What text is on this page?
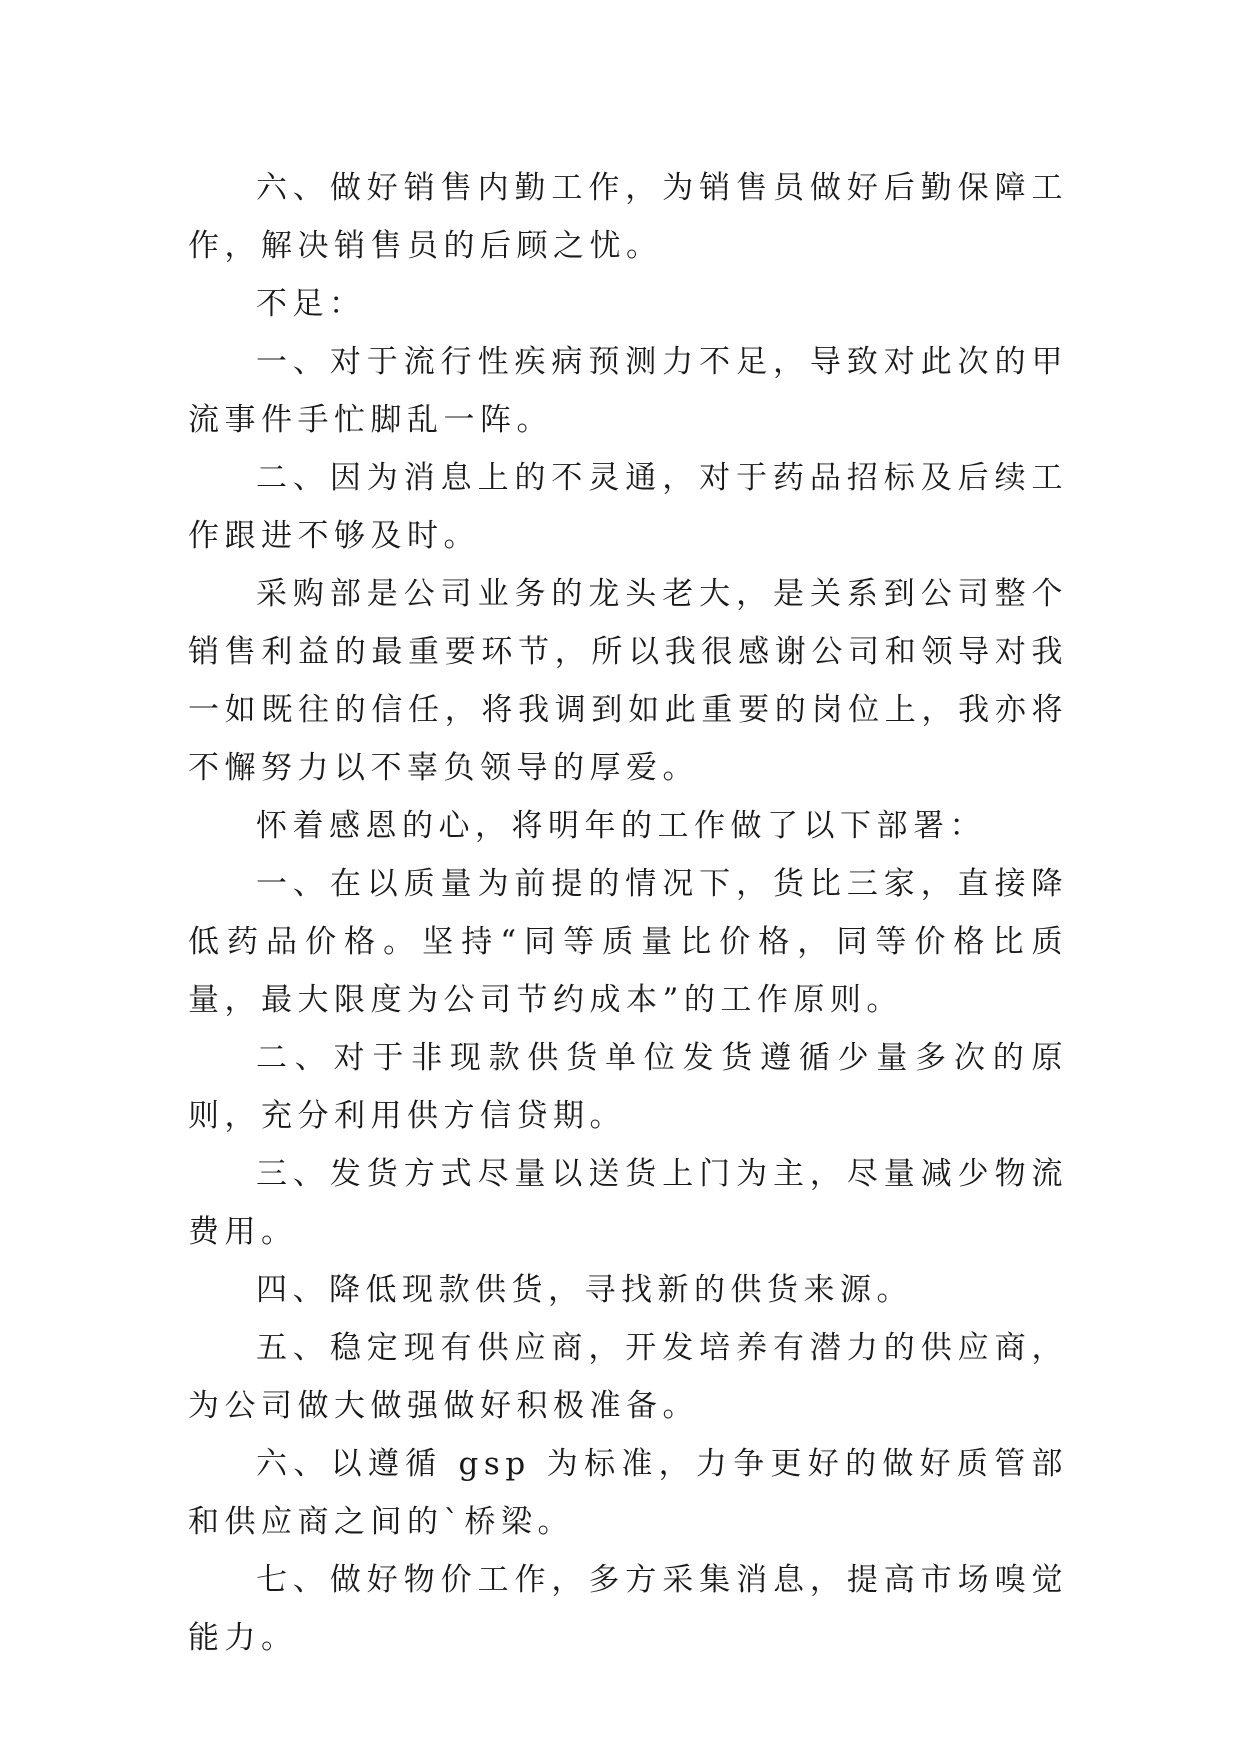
六、做好销售内勤工作，为销售员做好后勤保障工作，解决销售员的后顾之忧。

不足：

一、对于流行性疾病预测力不足，导致对此次的甲流事件手忙脚乱一阵。

二、因为消息上的不灵通，对于药品招标及后续工作跟进不够及时。

采购部是公司业务的龙头老大，是关系到公司整个销售利益的最重要环节，所以我很感谢公司和领导对我一如既往的信任，将我调到如此重要的岗位上，我亦将不懈努力以不辜负领导的厚爱。

怀着感恩的心，将明年的工作做了以下部署：

一、在以质量为前提的情况下，货比三家，直接降低药品价格。坚持“同等质量比价格，同等价格比质量，最大限度为公司节约成本”的工作原则。

二、对于非现款供货单位发货遵循少量多次的原则，充分利用供方信贷期。

三、发货方式尽量以送货上门为主，尽量减少物流费用。

四、降低现款供货，寻找新的供货来源。

五、稳定现有供应商，开发培养有潜力的供应商，为公司做大做强做好积极准备。

六、以遵循 gsp 为标准，力争更好的做好质管部和供应商之间的`桥梁。

七、做好物价工作，多方采集消息，提高市场嗅觉能力。
